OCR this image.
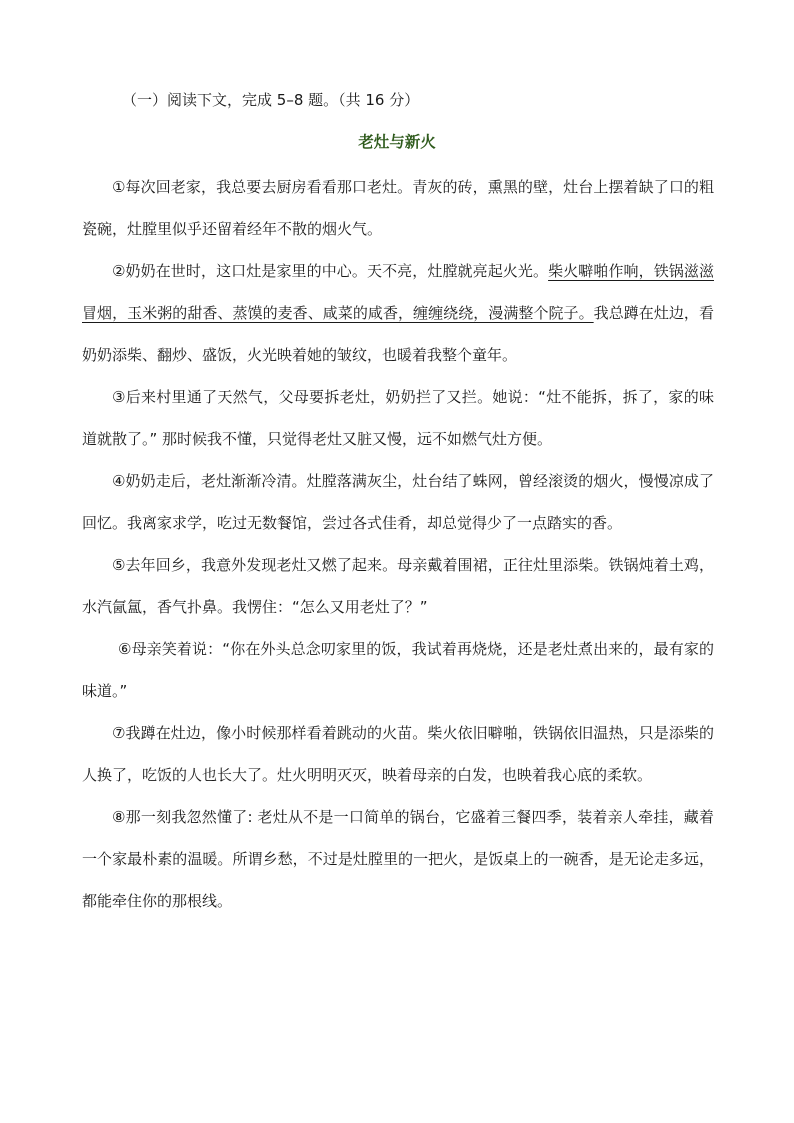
（一）阅读下文，完成 5–8 题。（共 16 分）
老灶与新火

①每次回老家，我总要去厨房看看那口老灶。青灰的砖，熏黑的壁，灶台上摆着缺了口的粗瓷碗，灶膛里似乎还留着经年不散的烟火气。

②奶奶在世时，这口灶是家里的中心。天不亮，灶膛就亮起火光。柴火噼啪作响，铁锅滋滋冒烟，玉米粥的甜香、蒸馍的麦香、咸菜的咸香，缠缠绕绕，漫满整个院子。我总蹲在灶边，看奶奶添柴、翻炒、盛饭，火光映着她的皱纹，也暖着我整个童年。

③后来村里通了天然气，父母要拆老灶，奶奶拦了又拦。她说：“灶不能拆，拆了，家的味道就散了。” 那时候我不懂，只觉得老灶又脏又慢，远不如燃气灶方便。

④奶奶走后，老灶渐渐冷清。灶膛落满灰尘，灶台结了蛛网，曾经滚烫的烟火，慢慢凉成了回忆。我离家求学，吃过无数餐馆，尝过各式佳肴，却总觉得少了一点踏实的香。

⑤去年回乡，我意外发现老灶又燃了起来。母亲戴着围裙，正往灶里添柴。铁锅炖着土鸡，水汽氤氲，香气扑鼻。我愣住：“怎么又用老灶了？”

⑥母亲笑着说：“你在外头总念叨家里的饭，我试着再烧烧，还是老灶煮出来的，最有家的味道。”

⑦我蹲在灶边，像小时候那样看着跳动的火苗。柴火依旧噼啪，铁锅依旧温热，只是添柴的人换了，吃饭的人也长大了。灶火明明灭灭，映着母亲的白发，也映着我心底的柔软。

⑧那一刻我忽然懂了: 老灶从不是一口简单的锅台，它盛着三餐四季，装着亲人牵挂，藏着一个家最朴素的温暖。所谓乡愁，不过是灶膛里的一把火，是饭桌上的一碗香，是无论走多远，都能牵住你的那根线。
